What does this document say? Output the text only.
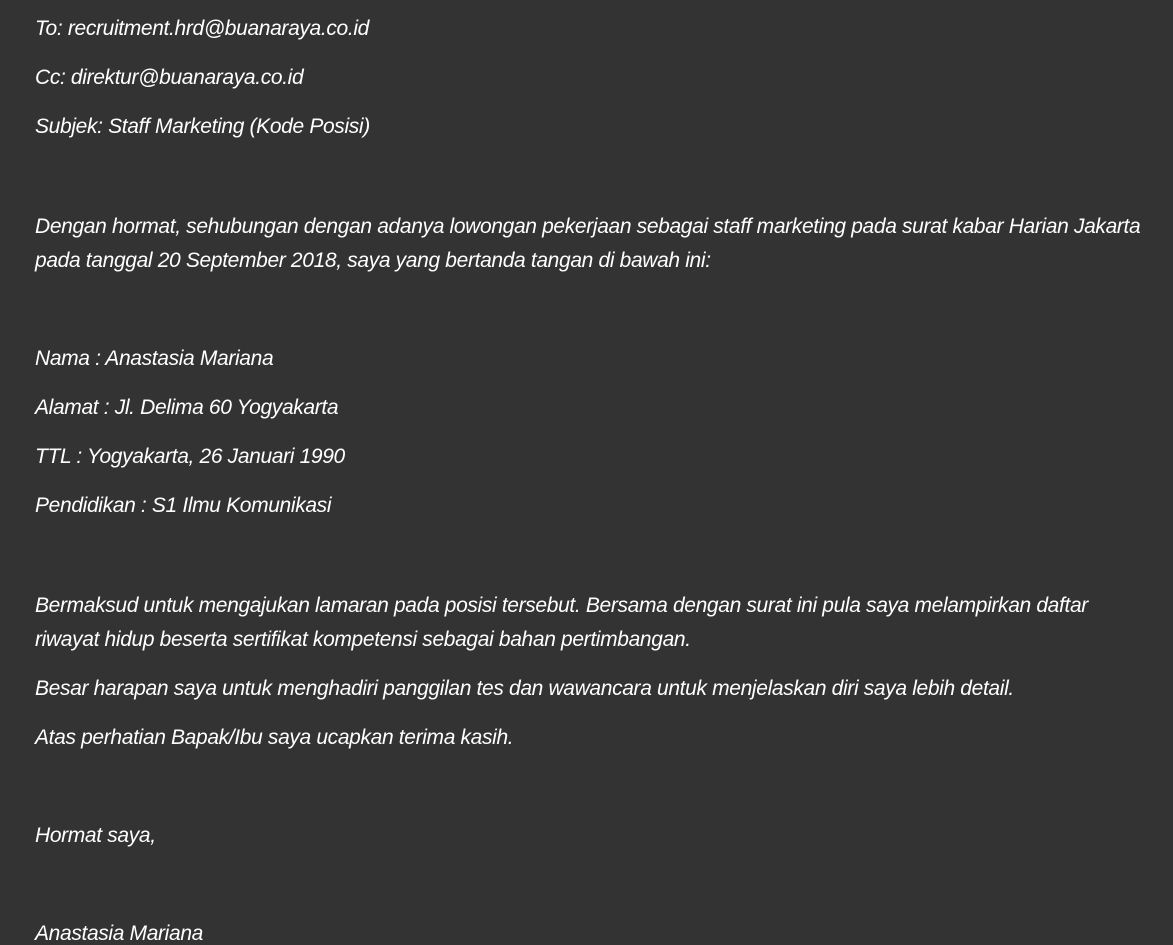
To: recruitment.hrd@buanaraya.co.id

Cc: direktur@buanaraya.co.id

Subjek: Staff Marketing (Kode Posisi)

Dengan hormat, sehubungan dengan adanya lowongan pekerjaan sebagai staff marketing pada surat kabar Harian Jakarta pada tanggal 20 September 2018, saya yang bertanda tangan di bawah ini:

Nama : Anastasia Mariana

Alamat : Jl. Delima 60 Yogyakarta

TTL : Yogyakarta, 26 Januari 1990

Pendidikan : S1 Ilmu Komunikasi

Bermaksud untuk mengajukan lamaran pada posisi tersebut. Bersama dengan surat ini pula saya melampirkan daftar riwayat hidup beserta sertifikat kompetensi sebagai bahan pertimbangan.

Besar harapan saya untuk menghadiri panggilan tes dan wawancara untuk menjelaskan diri saya lebih detail.

Atas perhatian Bapak/Ibu saya ucapkan terima kasih.

Hormat saya,

Anastasia Mariana
